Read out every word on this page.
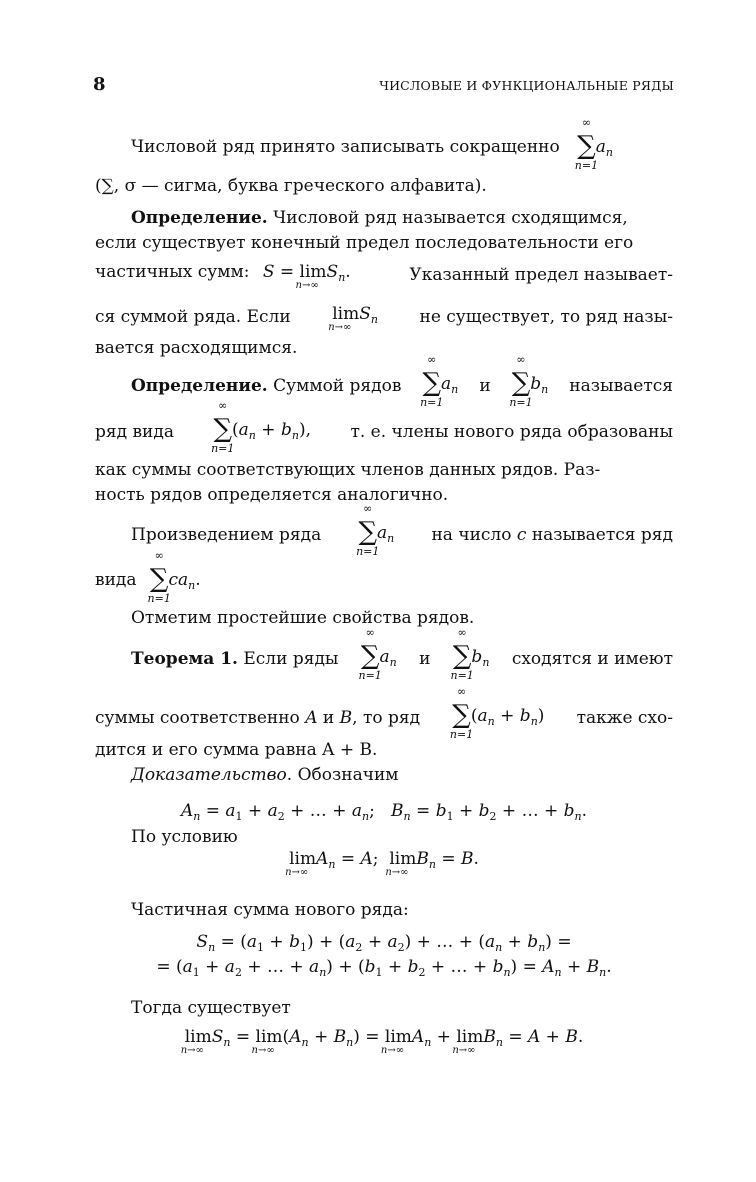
8	ЧИСЛОВЫЕ И ФУНКЦИОНАЛЬНЫЕ РЯДЫ
Числовой ряд принято записывать сокращенно
∞
∑
n=1
$a_n$
(∑, σ — сигма, буква греческого алфавита).
Определение. Числовой ряд называется сходящимся,
если существует конечный предел последовательности его
частичных сумм: S = lim
n→∞
$S_n$.	Указанный предел называет-
ся суммой ряда. Если lim
n→∞
$S_n$ не существует, то ряд назы-
вается расходящимся.
Определение. Суммой рядов
∞
∑
n=1
$a_n$ и
∞
∑
n=1
$b_n$ называется
ряд вида
∞
∑
n=1
$(a_n + b_n)$, т. е. члены нового ряда образованы
как суммы соответствующих членов данных рядов. Раз-
ность рядов определяется аналогично.
Произведением ряда
∞
∑
n=1
$a_n$ на число c называется ряд
вида
∞
∑
n=1
$ca_n$.
Отметим простейшие свойства рядов.
Теорема 1. Если ряды
∞
∑
n=1
$a_n$ и
∞
∑
n=1
$b_n$ сходятся и имеют
суммы соответственно A и B, то ряд
∞
∑
n=1
$(a_n + b_n)$ также схо-
дится и его сумма равна A + B.
Доказательство. Обозначим
$A_n = a_1 + a_2$ + … + $a_n$;   $B_n = b_1 + b_2$ + … + $b_n$.
По условию
lim
n→∞
$A_n = A$;  lim
n→∞
$B_n = B$.
Частичная сумма нового ряда:
$S_n = (a_1 + b_1) + (a_2 + a_2)$ + … + $(a_n + b_n)$ =
= ($a_1 + a_2$ + … + $a_n) + (b_1 + b_2$ + … + $b_n) = A_n + B_n$.
Тогда существует
lim
n→∞
$S_n = \lim$
n→∞
$(A_n + B_n) = \lim$
n→∞
$A_n + \lim$
n→∞
$B_n = A + B$.
